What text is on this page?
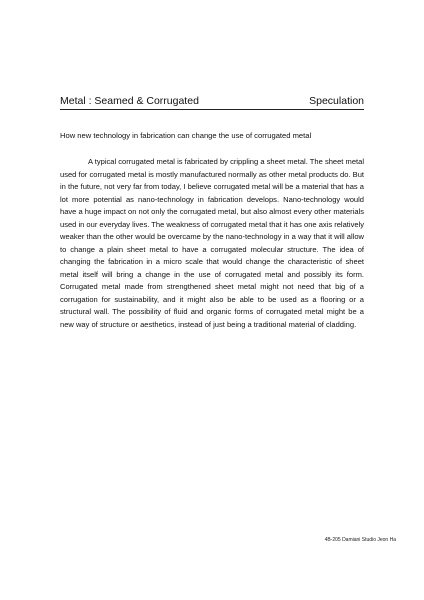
Metal : Seamed & Corrugated	Speculation
How new technology in fabrication can change the use of corrugated metal

A typical corrugated metal is fabricated by crippling a sheet metal. The sheet metal used for corrugated metal is mostly manufactured normally as other metal products do. But in the future, not very far from today, I believe corrugated metal will be a material that has a lot more potential as nano-technology in fabrication develops. Nano-technology would have a huge impact on not only the corrugated metal, but also almost every other materials used in our everyday lives. The weakness of corrugated metal that it has one axis relatively weaker than the other would be overcame by the nano-technology in a way that it will allow to change a plain sheet metal to have a corrugated molecular structure. The idea of changing the fabrication in a micro scale that would change the characteristic of sheet metal itself will bring a change in the use of corrugated metal and possibly its form. Corrugated metal made from strengthened sheet metal might not need that big of a corrugation for sustainability, and it might also be able to be used as a flooring or a structural wall. The possibility of fluid and organic forms of corrugated metal might be a new way of structure or aesthetics, instead of just being a traditional material of cladding.

4B-205 Damiani Studio Jeon Ha
